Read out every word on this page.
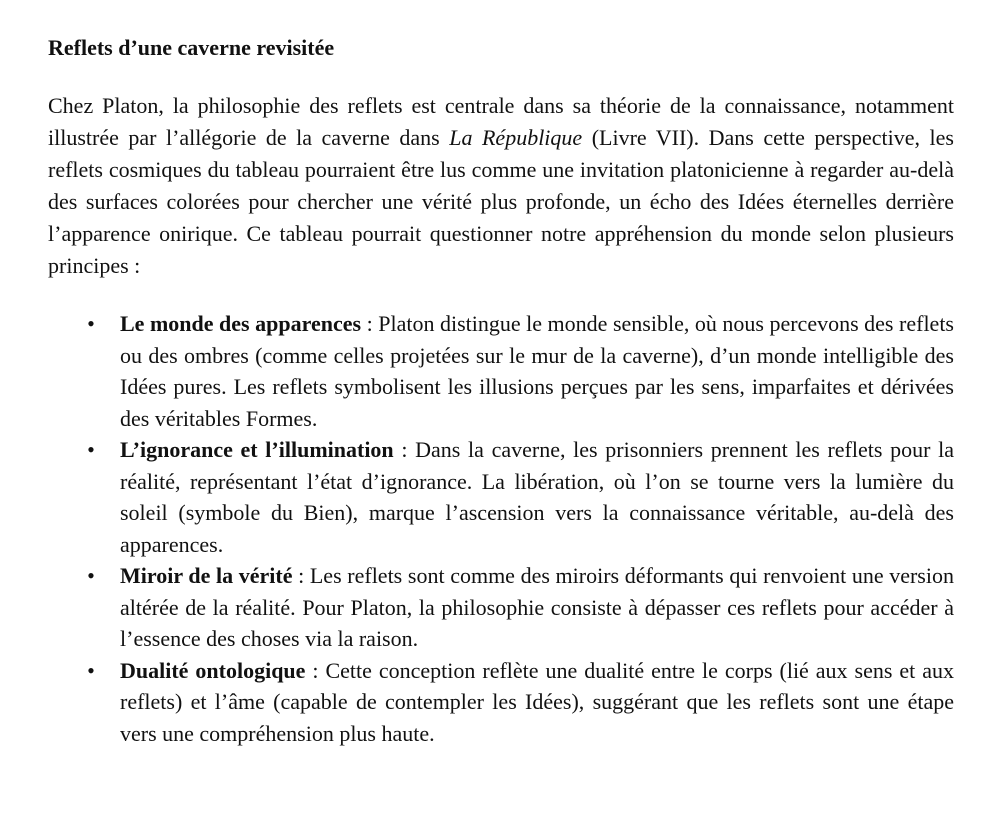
Reflets d’une caverne revisitée

Chez Platon, la philosophie des reflets est centrale dans sa théorie de la connaissance, notamment illustrée par l’allégorie de la caverne dans La République (Livre VII). Dans cette perspective, les reflets cosmiques du tableau pourraient être lus comme une invitation platonicienne à regarder au-delà des surfaces colorées pour chercher une vérité plus profonde, un écho des Idées éternelles derrière l’apparence onirique. Ce tableau pourrait questionner notre appréhension du monde selon plusieurs principes :

• Le monde des apparences : Platon distingue le monde sensible, où nous percevons des reflets ou des ombres (comme celles projetées sur le mur de la caverne), d’un monde intelligible des Idées pures. Les reflets symbolisent les illusions perçues par les sens, imparfaites et dérivées des véritables Formes.
• L’ignorance et l’illumination : Dans la caverne, les prisonniers prennent les reflets pour la réalité, représentant l’état d’ignorance. La libération, où l’on se tourne vers la lumière du soleil (symbole du Bien), marque l’ascension vers la connaissance véritable, au-delà des apparences.
• Miroir de la vérité : Les reflets sont comme des miroirs déformants qui renvoient une version altérée de la réalité. Pour Platon, la philosophie consiste à dépasser ces reflets pour accéder à l’essence des choses via la raison.
• Dualité ontologique : Cette conception reflète une dualité entre le corps (lié aux sens et aux reflets) et l’âme (capable de contempler les Idées), suggérant que les reflets sont une étape vers une compréhension plus haute.
